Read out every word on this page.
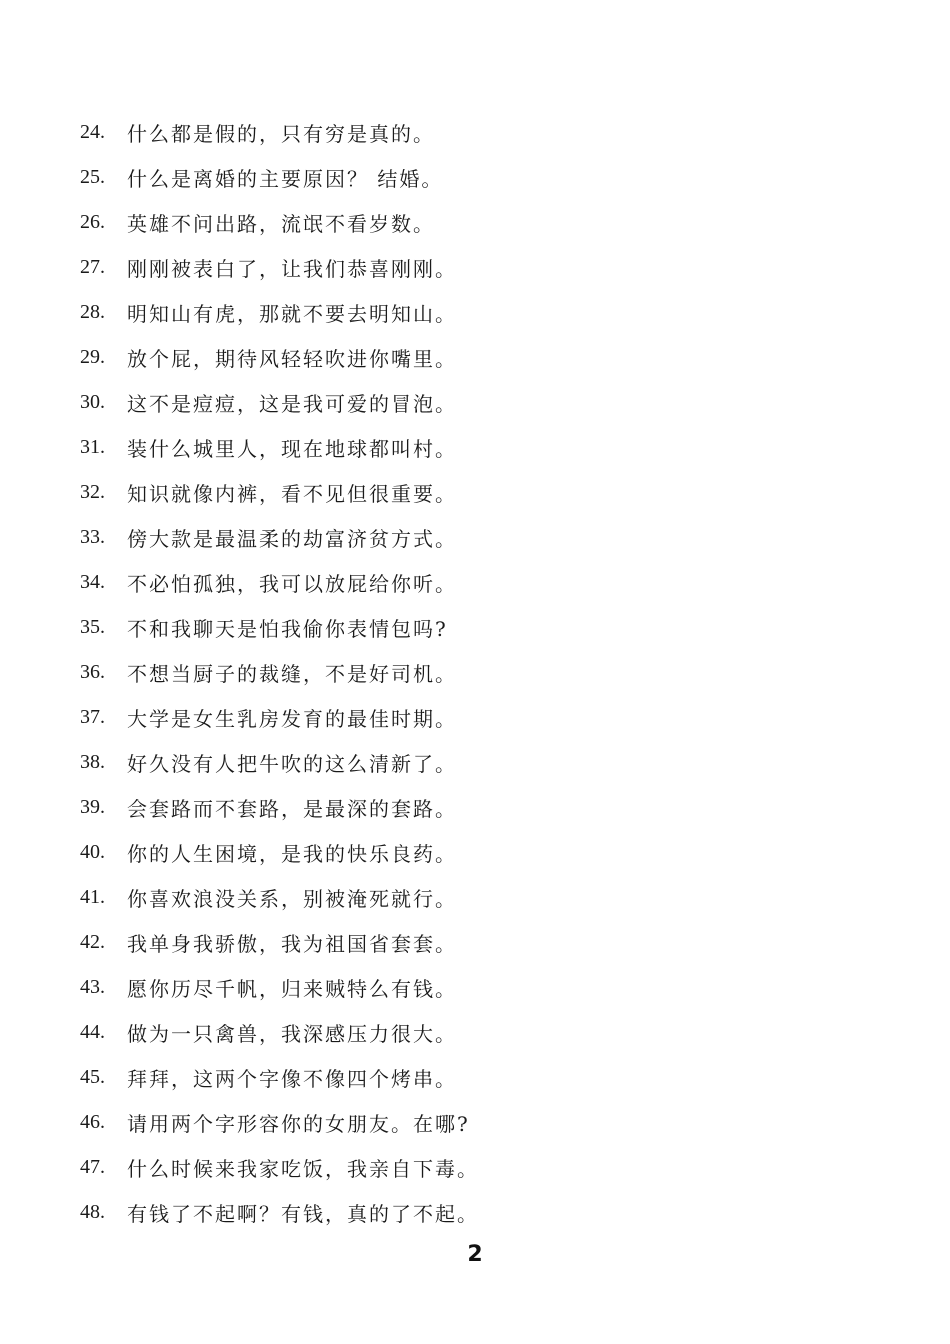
24.	什么都是假的，只有穷是真的。
25.	什么是离婚的主要原因？ 结婚。
26.	英雄不问出路，流氓不看岁数。
27.	刚刚被表白了，让我们恭喜刚刚。
28.	明知山有虎，那就不要去明知山。
29.	放个屁，期待风轻轻吹进你嘴里。
30.	这不是痘痘，这是我可爱的冒泡。
31.	装什么城里人，现在地球都叫村。
32.	知识就像内裤，看不见但很重要。
33.	傍大款是最温柔的劫富济贫方式。
34.	不必怕孤独，我可以放屁给你听。
35.	不和我聊天是怕我偷你表情包吗?
36.	不想当厨子的裁缝，不是好司机。
37.	大学是女生乳房发育的最佳时期。
38.	好久没有人把牛吹的这么清新了。
39.	会套路而不套路，是最深的套路。
40.	你的人生困境，是我的快乐良药。
41.	你喜欢浪没关系，别被淹死就行。
42.	我单身我骄傲，我为祖国省套套。
43.	愿你历尽千帆，归来贼特么有钱。
44.	做为一只禽兽，我深感压力很大。
45.	拜拜，这两个字像不像四个烤串。
46.	请用两个字形容你的女朋友。在哪?
47.	什么时候来我家吃饭，我亲自下毒。
48.	有钱了不起啊？有钱，真的了不起。
2
